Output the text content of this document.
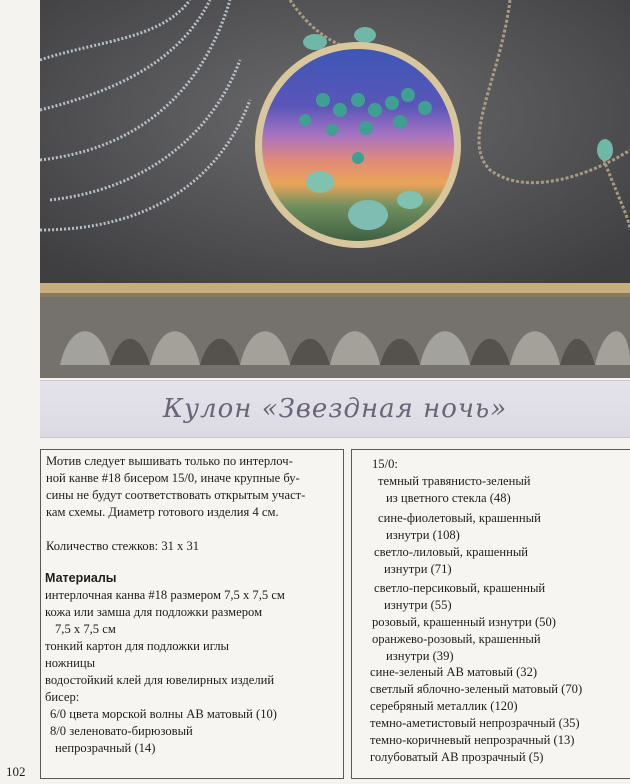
Кулон «Звездная ночь»
Мотив следует вышивать только по интерлоч-
ной канве #18 бисером 15/0, иначе крупные бу-
сины не будут соответствовать открытым участ-
кам схемы. Диаметр готового изделия 4 см.
Количество стежков: 31 x 31
Материалы
интерлочная канва #18 размером 7,5 x 7,5 см
кожа или замша для подложки размером
7,5 x 7,5 см
тонкий картон для подложки иглы
ножницы
водостойкий клей для ювелирных изделий
бисер:
6/0 цвета морской волны AB матовый (10)
8/0 зеленовато-бирюзовый
непрозрачный (14)
15/0:
темный травянисто-зеленый
из цветного стекла (48)
сине-фиолетовый, крашенный
изнутри (108)
светло-лиловый, крашенный
изнутри (71)
светло-персиковый, крашенный
изнутри (55)
розовый, крашенный изнутри (50)
оранжево-розовый, крашенный
изнутри (39)
сине-зеленый AB матовый (32)
светлый яблочно-зеленый матовый (70)
серебряный металлик (120)
темно-аметистовый непрозрачный (35)
темно-коричневый непрозрачный (13)
голубоватый AB прозрачный (5)
102
